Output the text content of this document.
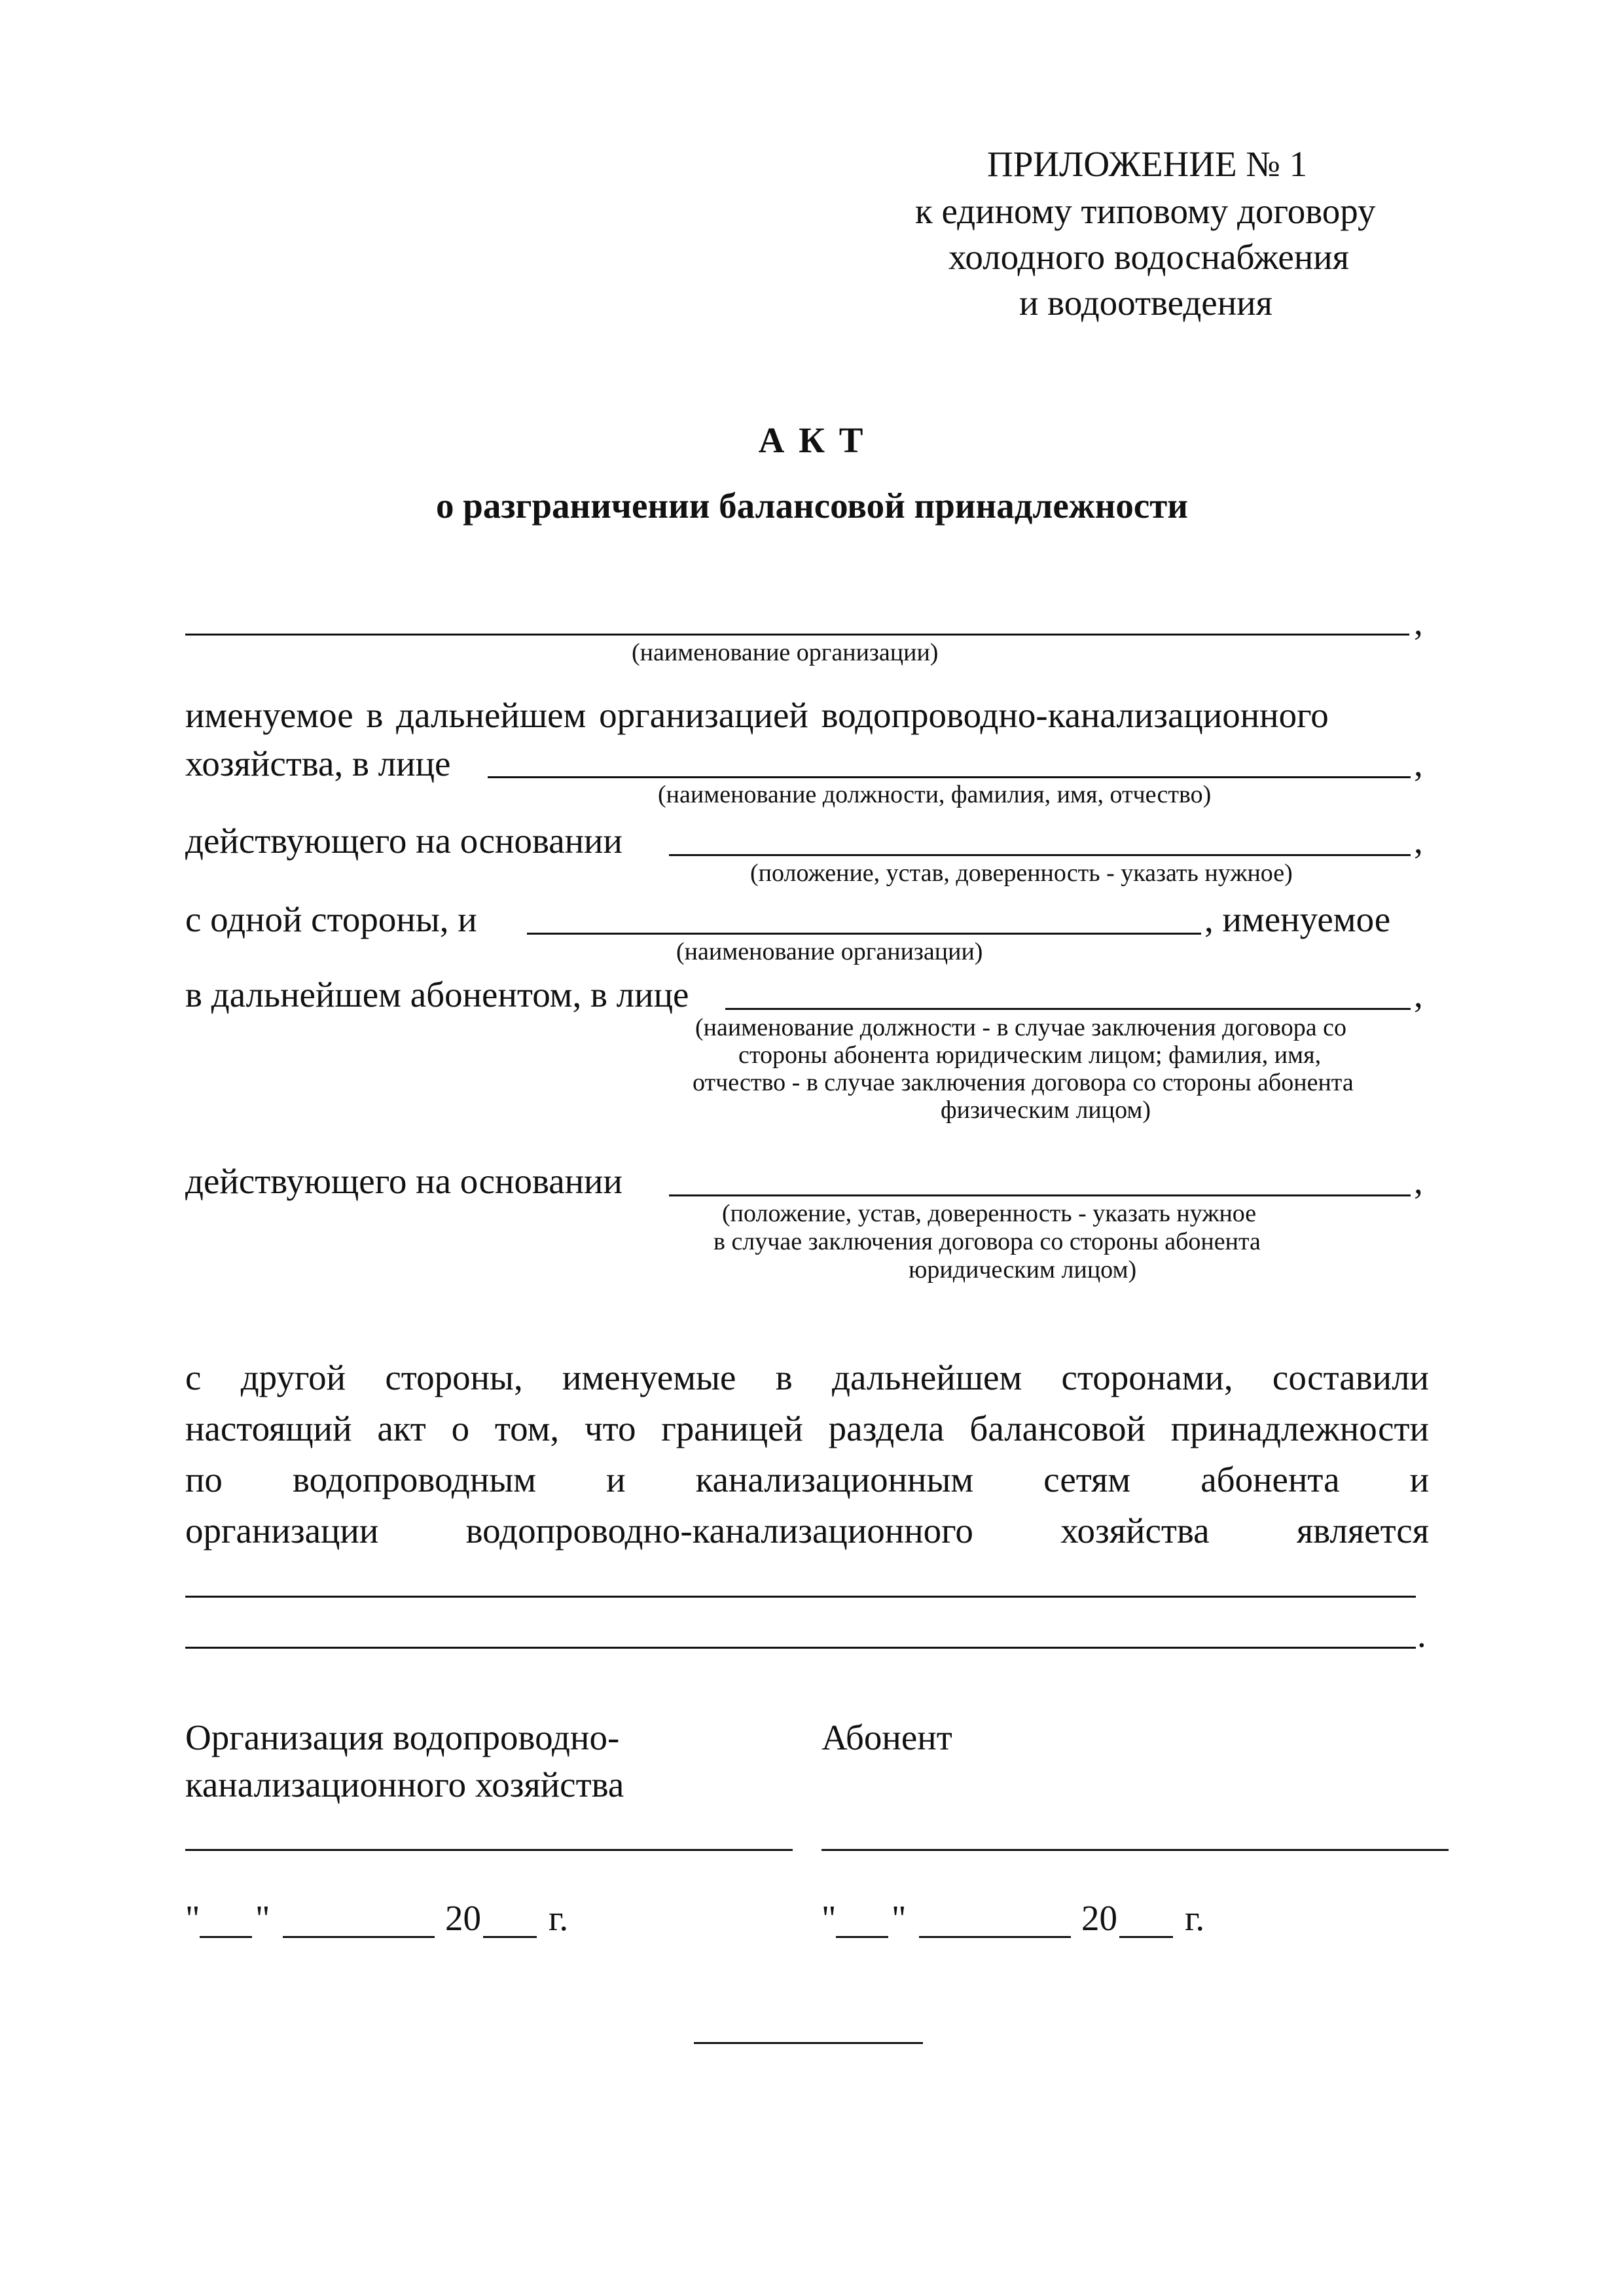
ПРИЛОЖЕНИЕ № 1
к единому типовому договору
холодного водоснабжения
и водоотведения
А К Т
о разграничении балансовой принадлежности
,
(наименование организации)
именуемое в дальнейшем организацией водопроводно-канализационного
хозяйства, в лице	,
(наименование должности, фамилия, имя, отчество)
действующего на основании	,
(положение, устав, доверенность - указать нужное)
с одной стороны, и	, именуемое
(наименование организации)
в дальнейшем абонентом, в лице	,
(наименование должности - в случае заключения договора со
стороны абонента юридическим лицом; фамилия, имя,
отчество - в случае заключения договора со стороны абонента
физическим лицом)
действующего на основании	,
(положение, устав, доверенность - указать нужное
в случае заключения договора со стороны абонента
юридическим лицом)
с другой стороны, именуемые в дальнейшем сторонами, составили
настоящий акт о том, что границей раздела балансовой принадлежности
по водопроводным и канализационным сетям абонента и
организации водопроводно-канализационного хозяйства является
.
Организация водопроводно-
канализационного хозяйства
Абонент
" "	20 г.	" "	20 г.
